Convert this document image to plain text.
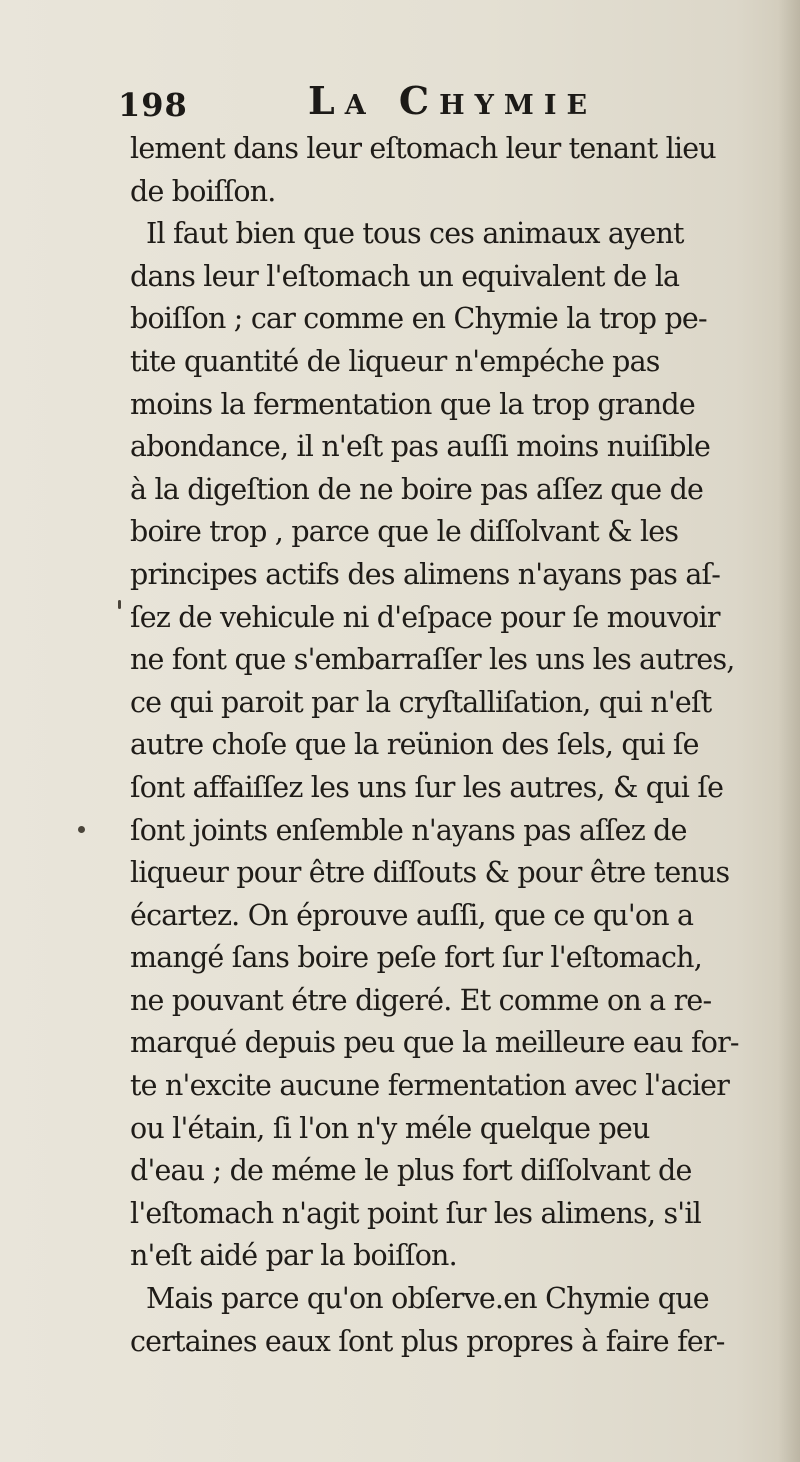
198	La Chymie
lement dans leur eſtomach leur tenant lieu
de boiſſon.
Il faut bien que tous ces animaux ayent
dans leur l'eſtomach un equivalent de la
boiſſon ; car comme en Chymie la trop pe-
tite quantité de liqueur n'empéche pas
moins la fermentation que la trop grande
abondance, il n'eſt pas auſſi moins nuiſible
à la digeſtion de ne boire pas aſſez que de
boire trop , parce que le diſſolvant & les
principes actifs des alimens n'ayans pas aſ-
ſez de vehicule ni d'eſpace pour ſe mouvoir
ne font que s'embarraſſer les uns les autres,
ce qui paroit par la cryſtalliſation, qui n'eſt
autre choſe que la reünion des ſels, qui ſe
ſont affaiſſez les uns ſur les autres, & qui ſe
ſont joints enſemble n'ayans pas aſſez de
liqueur pour être diſſouts & pour être tenus
écartez. On éprouve auſſi, que ce qu'on a
mangé ſans boire peſe fort ſur l'eſtomach,
ne pouvant étre digeré. Et comme on a re-
marqué depuis peu que la meilleure eau for-
te n'excite aucune fermentation avec l'acier
ou l'étain, ſi l'on n'y méle quelque peu
d'eau ; de méme le plus fort diſſolvant de
l'eſtomach n'agit point ſur les alimens, s'il
n'eſt aidé par la boiſſon.
Mais parce qu'on obſerve.en Chymie que
certaines eaux ſont plus propres à faire fer-
